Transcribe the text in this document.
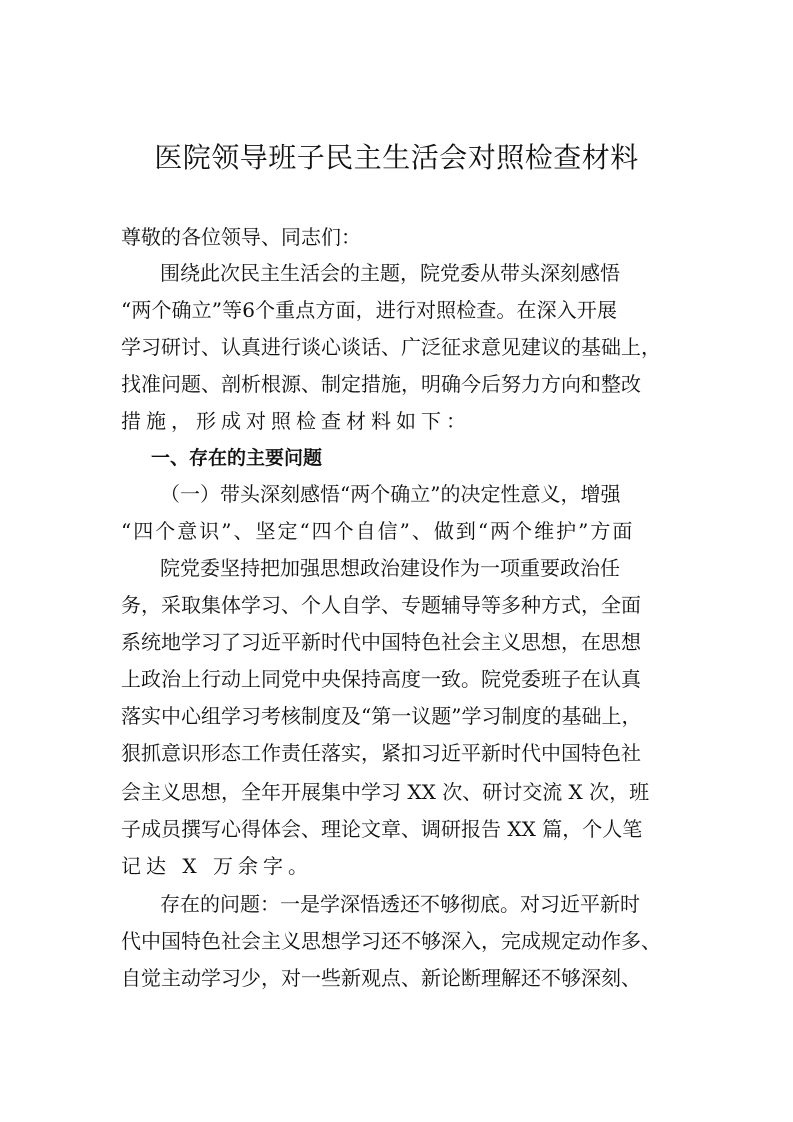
医院领导班子民主生活会对照检查材料
尊敬的各位领导、同志们：
围绕此次民主生活会的主题，院党委从带头深刻感悟
“两个确立”等6个重点方面，进行对照检查。在深入开展
学习研讨、认真进行谈心谈话、广泛征求意见建议的基础上，
找准问题、剖析根源、制定措施，明确今后努力方向和整改
措施，形成对照检查材料如下：
一、存在的主要问题
（一）带头深刻感悟“两个确立”的决定性意义，增强
“四个意识”、坚定“四个自信”、做到“两个维护”方面
院党委坚持把加强思想政治建设作为一项重要政治任
务，采取集体学习、个人自学、专题辅导等多种方式，全面
系统地学习了习近平新时代中国特色社会主义思想，在思想
上政治上行动上同党中央保持高度一致。院党委班子在认真
落实中心组学习考核制度及“第一议题”学习制度的基础上，
狠抓意识形态工作责任落实，紧扣习近平新时代中国特色社
会主义思想，全年开展集中学习 XX 次、研讨交流 X 次，班
子成员撰写心得体会、理论文章、调研报告 XX 篇，个人笔
记达 X 万余字。
存在的问题：一是学深悟透还不够彻底。对习近平新时
代中国特色社会主义思想学习还不够深入，完成规定动作多、
自觉主动学习少，对一些新观点、新论断理解还不够深刻、
